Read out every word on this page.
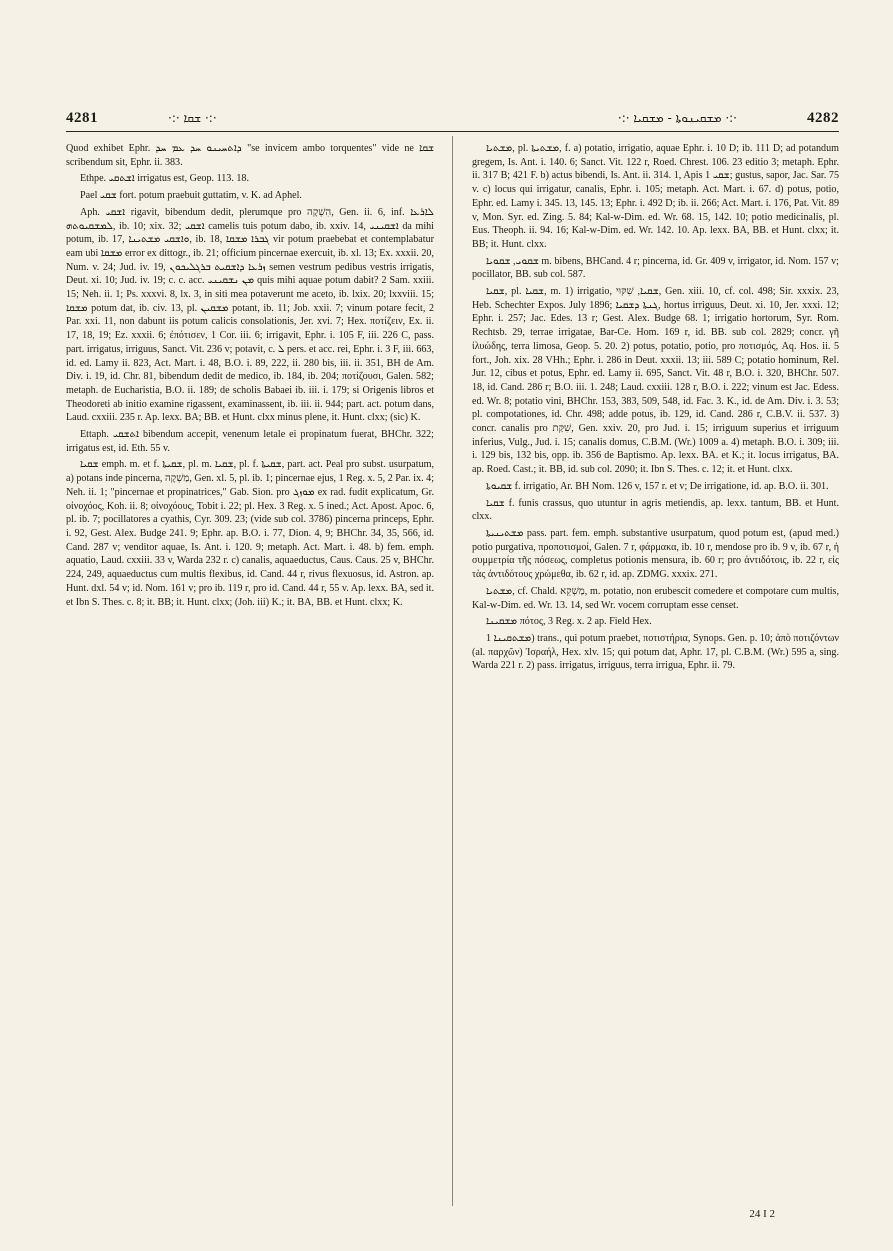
4281	·:· ܫܩܐ ·:·	·:· ܡܫܩܝܢܘܬܐ - ܡܫܩܝܐ ·:·	4282

Quod exhibet Ephr. ܕܐܬܚܝܢܘ ܚܕ ܥܡ ܚܕ "se invicem ambo torquentes" vide ne ܫܩܐ scribendum sit, Ephr. ii. 383.

Ethpe. ܐܫܬܩܝ irrigatus est, Geop. 113. 18.

Pael ܫܩܝ fort. potum praebuit guttatim, v. K. ad Aphel.

Aph. ܐܫܩܝ rigavit, bibendum dedit, plerumque pro הִשְׁקָה, Gen. ii. 6, inf. ܠܐܪܥܐ ܠܡܫܩܝܘܬܗ, ib. 10; xix. 32; ܐܫܩܝ camelis tuis potum dabo, ib. xxiv. 14, ܐܫܩܝܢܝ da mihi potum, ib. 17, ܘܐܫܩܝ ܡܫܬܝܢܐ, ib. 18, ܓܒܪܐ ܡܫܩܐ vir potum praebebat et contemplabatur eam ubi ܡܫܩܐ error ex dittogr., ib. 21; officium pincernae exercuit, ib. xl. 13; Ex. xxxii. 20, Num. v. 24; Jud. iv. 19, ܙܪܥܐ ܕܐܫܩܝܬ ܒܪܓܠܝܟܘܢ semen vestrum pedibus vestris irrigatis, Deut. xi. 10; Jud. iv. 19; c. c. acc. ܡܢ ܢܫܩܝܢܝ quis mihi aquae potum dabit? 2 Sam. xxiii. 15; Neh. ii. 1; Ps. xxxvi. 8, lx. 3, in siti mea potaverunt me aceto, ib. lxix. 20; lxxviii. 15; ܡܫܩܐ potum dat, ib. civ. 13, pl. ܡܫܩܝܢ potant, ib. 11; Job. xxii. 7; vinum potare fecit, 2 Par. xxi. 11, non dabunt iis potum calicis consolationis, Jer. xvi. 7; Hex. ποτίζειν, Ex. ii. 17, 18, 19; Ez. xxxii. 6; ἐπότισεν, 1 Cor. iii. 6; irrigavit, Ephr. i. 105 F, iii. 226 C, pass. part. irrigatus, irriguus, Sanct. Vit. 236 v; potavit, c. ܠ pers. et acc. rei, Ephr. i. 3 F, iii. 663, id. ed. Lamy ii. 823, Act. Mart. i. 48, B.O. i. 89, 222, ii. 280 bis, iii. ii. 351, BH de Am. Div. i. 19, id. Chr. 81, bibendum dedit de medico, ib. 184, ib. 204; ποτίζουσι, Galen. 582; metaph. de Eucharistia, B.O. ii. 189; de scholis Babaei ib. iii. i. 179; si Origenis libros et Theodoreti ab initio examine rigassent, examinassent, ib. iii. ii. 944; part. act. potum dans, Laud. cxxiii. 235 r. Ap. lexx. BA; BB. et Hunt. clxx minus plene, it. Hunt. clxx; (sic) K.

Ettaph. ܐܬܫܩܝ bibendum accepit, venenum letale ei propinatum fuerat, BHChr. 322; irrigatus est, id. Eth. 55 v.

ܫܩܝܐ emph. m. et f. ܫܩܝܬܐ, pl. m. ܫܩܝܐ, pl. f. ܫܩܝܬܐ, part. act. Peal pro subst. usurpatum, a) potans inde pincerna, מַשְׁקֶה, Gen. xl. 5, pl. ib. 1; pincernae ejus, 1 Reg. x. 5, 2 Par. ix. 4; Neh. ii. 1; "pincernae et propinatrices," Gab. Sion. pro ܡܘܙܓ ex rad. fudit explicatum, Gr. οἰνοχόος, Koh. ii. 8; οἰνοχόους, Tobit i. 22; pl. Hex. 3 Reg. x. 5 ined.; Act. Apost. Apoc. 6, pl. ib. 7; pocillatores a cyathis, Cyr. 309. 23; (vide sub col. 3786) pincerna princeps, Ephr. i. 92, Gest. Alex. Budge 241. 9; Ephr. ap. B.O. i. 77, Dion. 4, 9; BHChr. 34, 35, 566, id. Cand. 287 v; venditor aquae, Is. Ant. i. 120. 9; metaph. Act. Mart. i. 48. b) fem. emph. aquatio, Laud. cxxiii. 33 v, Warda 232 r. c) canalis, aquaeductus, Caus. Caus. 25 v, BHChr. 224, 249, aquaeductus cum multis flexibus, id. Cand. 44 r, rivus flexuosus, id. Astron. ap. Hunt. dxl. 54 v; id. Nom. 161 v; pro ib. 119 r, pro id. Cand. 44 r, 55 v. Ap. lexx. BA, sed it. et Ibn S. Thes. c. 8; it. BB; it. Hunt. clxx; (Joh. iii) K.; it. BA, BB. et Hunt. clxx; K.

ܡܫܬܝܐ, pl. ܡܫܬܝܬܐ, f. a) potatio, irrigatio, aquae Ephr. i. 10 D; ib. 111 D; ad potandum gregem, Is. Ant. i. 140. 6; Sanct. Vit. 122 r, Roed. Chrest. 106. 23 editio 3; metaph. Ephr. ii. 317 B; 421 F. b) actus bibendi, Is. Ant. ii. 314. 1, Apis ܫܩܝ 1; gustus, sapor, Jac. Sar. 75 v. c) locus qui irrigatur, canalis, Ephr. i. 105; metaph. Act. Mart. i. 67. d) potus, potio, Ephr. ed. Lamy i. 345. 13, 145. 13; Ephr. i. 492 D; ib. ii. 266; Act. Mart. i. 176, Pat. Vit. 89 v, Mon. Syr. ed. Zing. 5. 84; Kal-w-Dim. ed. Wr. 68. 15, 142. 10; potio medicinalis, pl. Eus. Theoph. ii. 94. 16; Kal-w-Dim. ed. Wr. 142. 10. Ap. lexx. BA, BB. et Hunt. clxx; it. BB; it. Hunt. clxx.

ܫܩܘܝ, ܫܩܘܝܐ m. bibens, BHCand. 4 r; pincerna, id. Gr. 409 v, irrigator, id. Nom. 157 v; pocillator, BB. sub col. 587.

ܫܩܝܐ, pl. ܫܩܝܐ, m. 1) irrigatio, ܫܩܝܐ, שִׁקּוּי, Gen. xiii. 10, cf. col. 498; Sir. xxxix. 23, Heb. Schechter Expos. July 1896; ܓܢܬܐ ܕܫܩܝܐ, hortus irriguus, Deut. xi. 10, Jer. xxxi. 12; Ephr. i. 257; Jac. Edes. 13 r; Gest. Alex. Budge 68. 1; irrigatio hortorum, Syr. Rom. Rechtsb. 29, terrae irrigatae, Bar-Ce. Hom. 169 r, id. BB. sub col. 2829; concr. γῆ ἰλυώδης, terra limosa, Geop. 5. 20. 2) potus, potatio, potio, pro ποτισμός, Aq. Hos. ii. 5 fort., Joh. xix. 28 VHh.; Ephr. i. 286 in Deut. xxxii. 13; iii. 589 C; potatio hominum, Rel. Jur. 12, cibus et potus, Ephr. ed. Lamy ii. 695, Sanct. Vit. 48 r, B.O. i. 320, BHChr. 507. 18, id. Cand. 286 r; B.O. iii. 1. 248; Laud. cxxiii. 128 r, B.O. i. 222; vinum est Jac. Edess. ed. Wr. 8; potatio vini, BHChr. 153, 383, 509, 548, id. Fac. 3. K., id. de Am. Div. i. 3. 53; pl. compotationes, id. Chr. 498; adde potus, ib. 129, id. Cand. 286 r, C.B.V. ii. 537. 3) concr. canalis pro שִׁקַּת, Gen. xxiv. 20, pro Jud. i. 15; irriguum superius et irriguum inferius, Vulg., Jud. i. 15; canalis domus, C.B.M. (Wr.) 1009 a. 4) metaph. B.O. i. 309; iii. i. 129 bis, 132 bis, opp. ib. 356 de Baptismo. Ap. lexx. BA. et K.; it. locus irrigatus, BA. ap. Roed. Cast.; it. BB, id. sub col. 2090; it. Ibn S. Thes. c. 12; it. et Hunt. clxx.

ܫܩܝܘܬܐ f. irrigatio, Ar. BH Nom. 126 v, 157 r. et v; De irrigatione, id. ap. B.O. ii. 301.

ܫܩܝܐ f. funis crassus, quo utuntur in agris metiendis, ap. lexx. tantum, BB. et Hunt. clxx.

ܡܫܬܝܢܝܬܐ pass. part. fem. emph. substantive usurpatum, quod potum est, (apud med.) potio purgativa, προποτισμοί, Galen. 7 r, φάρμακα, ib. 10 r, mendose pro ib. 9 v, ib. 67 r, ἡ συμμετρία τῆς πόσεως, completus potionis mensura, ib. 60 r; pro ἀντιδότοις, ib. 22 r, εἰς τὰς ἀντιδότους χρώμεθα, ib. 62 r, id. ap. ZDMG. xxxix. 271.

ܡܫܬܝܐ, cf. Chald. מַשְׁקֵא, m. potatio, non erubescit comedere et compotare cum multis, Kal-w-Dim. ed. Wr. 13. 14, sed Wr. vocem corruptam esse censet.

ܡܫܩܝܢܐ πότος, 3 Reg. x. 2 ap. Field Hex.

ܡܫܬܩܝܢܐ 1) trans., qui potum praebet, ποτιστήρια, Synops. Gen. p. 10; ἀπὸ ποτιζόντων (al. παρχῶν) Ἰσραήλ, Hex. xlv. 15; qui potum dat, Aphr. 17, pl. C.B.M. (Wr.) 595 a, sing. Warda 221 r. 2) pass. irrigatus, irriguus, terra irrigua, Ephr. ii. 79.

24 I 2
